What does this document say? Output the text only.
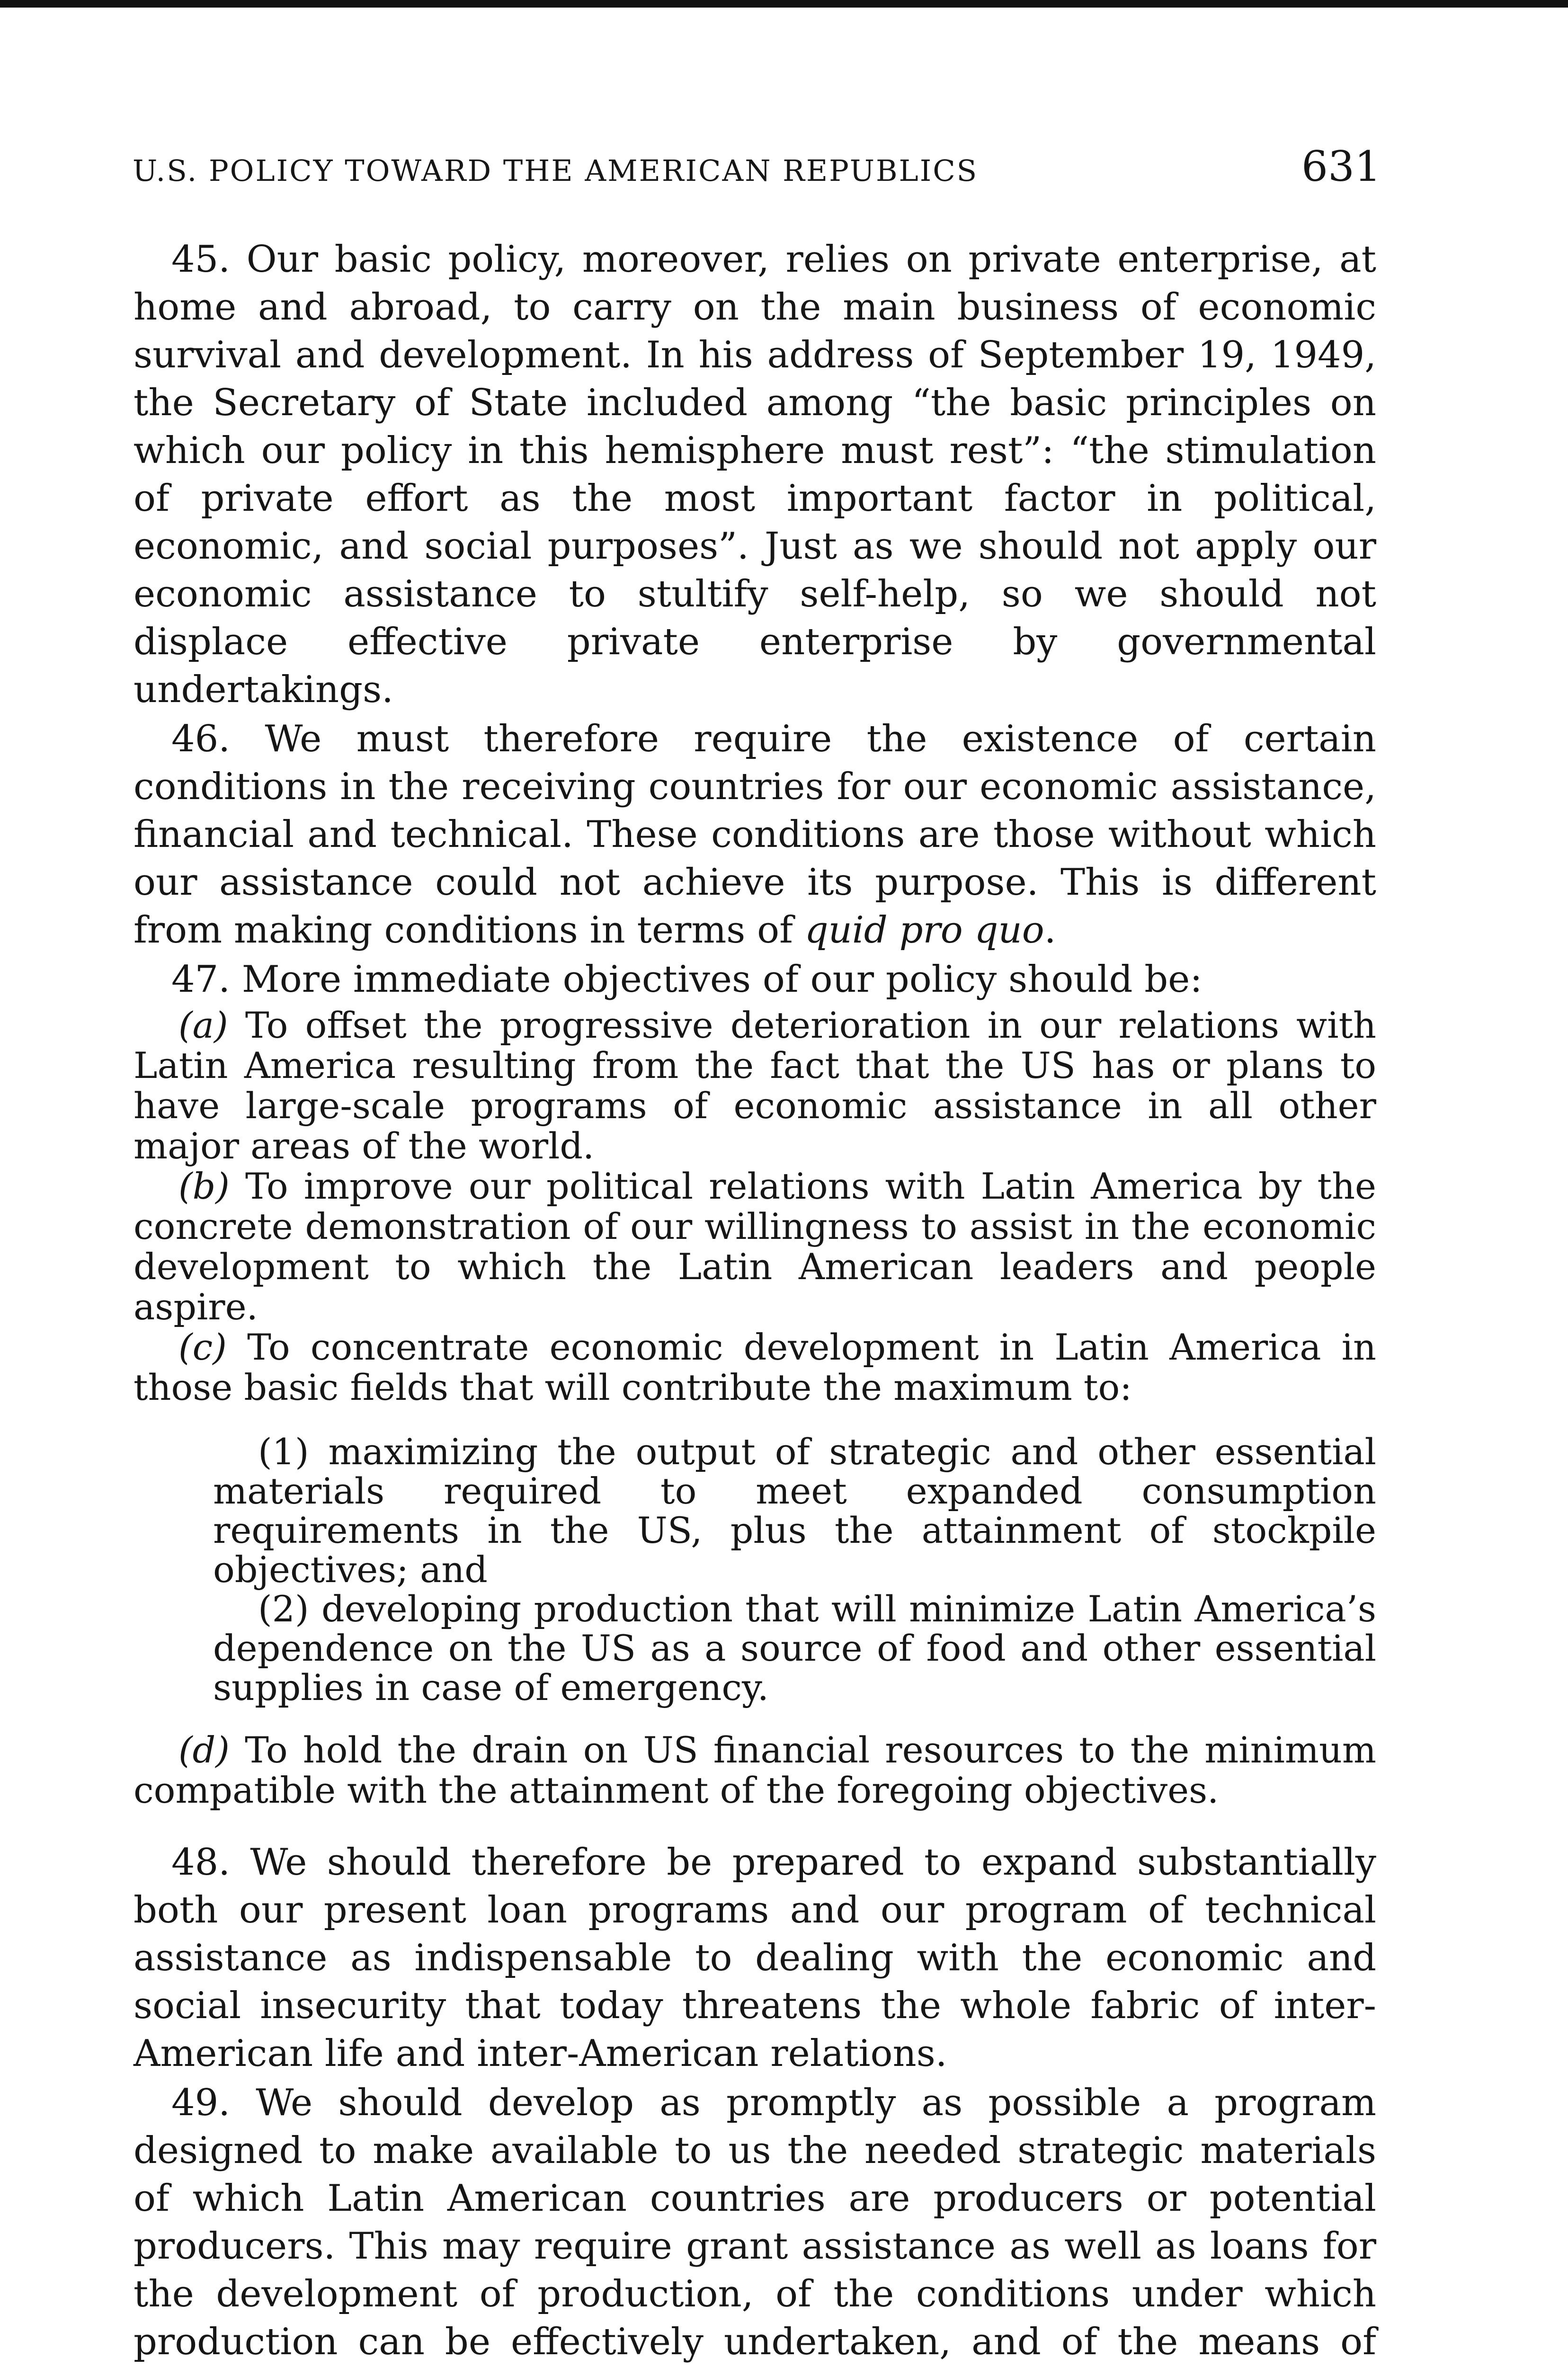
U.S. POLICY TOWARD THE AMERICAN REPUBLICS	631

45. Our basic policy, moreover, relies on private enterprise, at home and abroad, to carry on the main business of economic survival and development. In his address of September 19, 1949, the Secretary of State included among “the basic principles on which our policy in this hemisphere must rest”: “the stimulation of private effort as the most important factor in political, economic, and social purposes”. Just as we should not apply our economic assistance to stultify self-help, so we should not displace effective private enterprise by governmental undertakings.

46. We must therefore require the existence of certain conditions in the receiving countries for our economic assistance, financial and technical. These conditions are those without which our assistance could not achieve its purpose. This is different from making conditions in terms of quid pro quo.

47. More immediate objectives of our policy should be:

(a) To offset the progressive deterioration in our relations with Latin America resulting from the fact that the US has or plans to have large-scale programs of economic assistance in all other major areas of the world.

(b) To improve our political relations with Latin America by the concrete demonstration of our willingness to assist in the economic development to which the Latin American leaders and people aspire.

(c) To concentrate economic development in Latin America in those basic fields that will contribute the maximum to:

(1) maximizing the output of strategic and other essential materials required to meet expanded consumption requirements in the US, plus the attainment of stockpile objectives; and

(2) developing production that will minimize Latin America’s dependence on the US as a source of food and other essential supplies in case of emergency.

(d) To hold the drain on US financial resources to the minimum compatible with the attainment of the foregoing objectives.

48. We should therefore be prepared to expand substantially both our present loan programs and our program of technical assistance as indispensable to dealing with the economic and social insecurity that today threatens the whole fabric of inter-American life and inter-American relations.

49. We should develop as promptly as possible a program designed to make available to us the needed strategic materials of which Latin American countries are producers or potential producers. This may require grant assistance as well as loans for the development of production, of the conditions under which production can be effectively undertaken, and of the means of
